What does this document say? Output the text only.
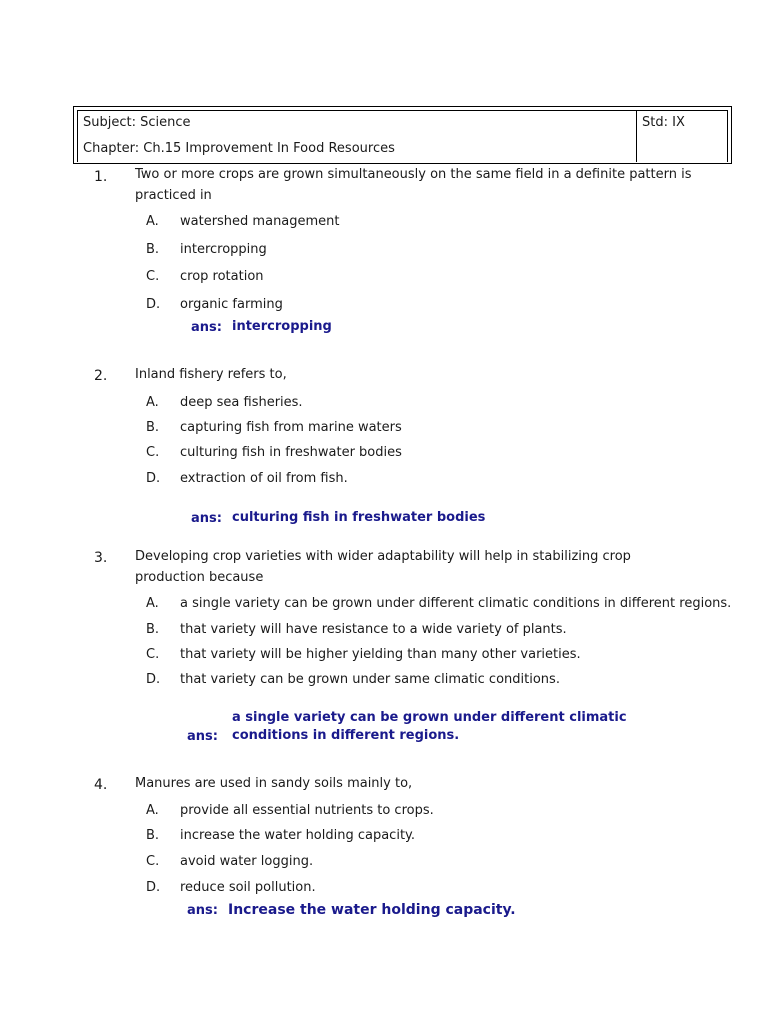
Subject: Science
Chapter: Ch.15 Improvement In Food Resources
Std: IX
1. Two or more crops are grown simultaneously on the same field in a definite pattern is practiced in
A. watershed management
B. intercropping
C. crop rotation
D. organic farming
ans: intercropping
2. Inland fishery refers to,
A. deep sea fisheries.
B. capturing fish from marine waters
C. culturing fish in freshwater bodies
D. extraction of oil from fish.
ans: culturing fish in freshwater bodies
3. Developing crop varieties with wider adaptability will help in stabilizing crop production because
A. a single variety can be grown under different climatic conditions in different regions.
B. that variety will have resistance to a wide variety of plants.
C. that variety will be higher yielding than many other varieties.
D. that variety can be grown under same climatic conditions.
ans:
a single variety can be grown under different climatic conditions in different regions.
4. Manures are used in sandy soils mainly to,
A. provide all essential nutrients to crops.
B. increase the water holding capacity.
C. avoid water logging.
D. reduce soil pollution.
ans: Increase the water holding capacity.
